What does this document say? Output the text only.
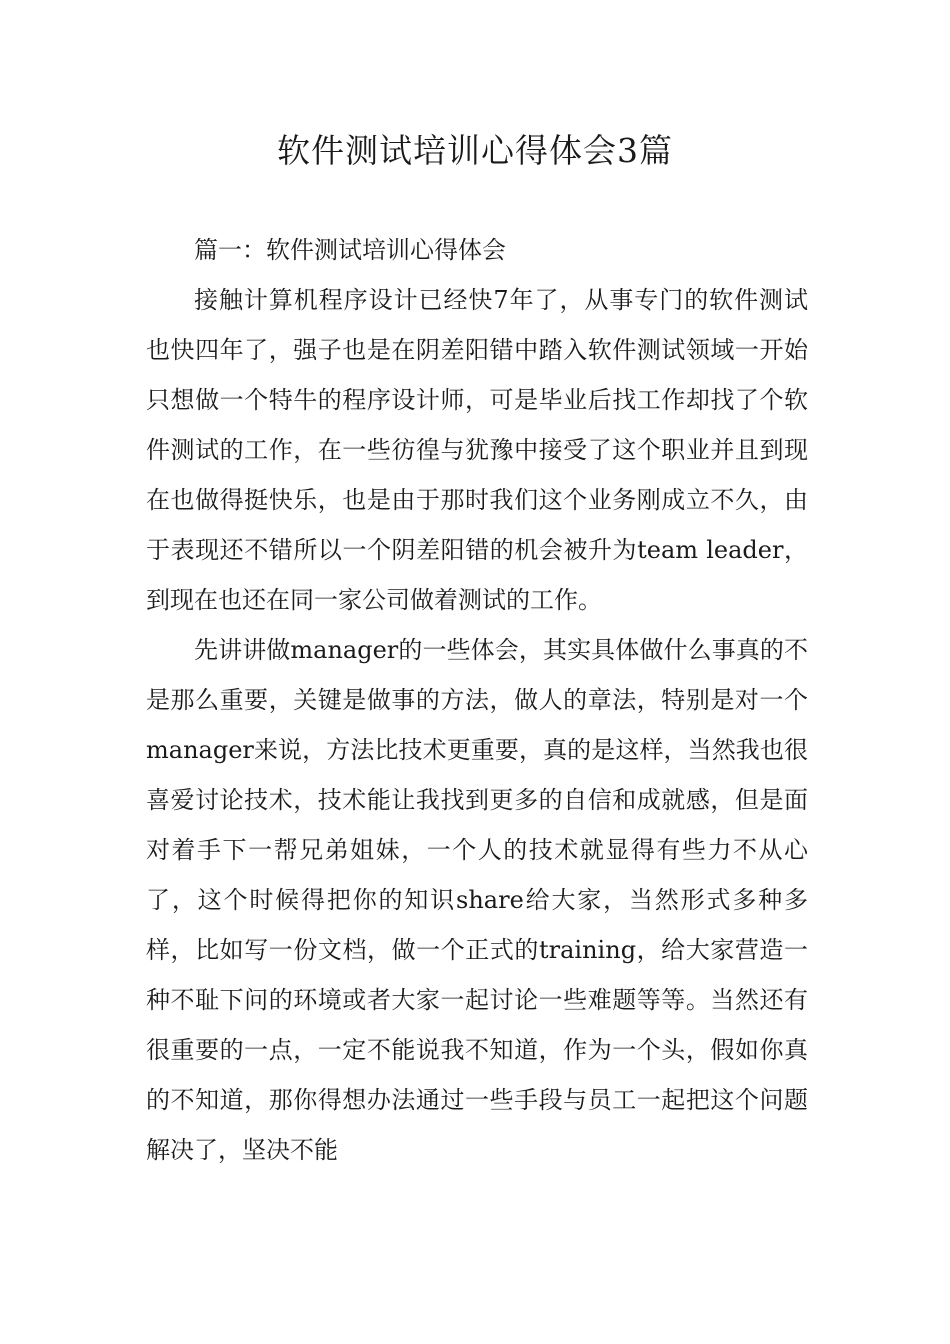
软件测试培训心得体会3篇

篇一：软件测试培训心得体会

接触计算机程序设计已经快7年了，从事专门的软件测试也快四年了，强子也是在阴差阳错中踏入软件测试领域一开始只想做一个特牛的程序设计师，可是毕业后找工作却找了个软件测试的工作，在一些彷徨与犹豫中接受了这个职业并且到现在也做得挺快乐，也是由于那时我们这个业务刚成立不久，由于表现还不错所以一个阴差阳错的机会被升为team leader，到现在也还在同一家公司做着测试的工作。

先讲讲做manager的一些体会，其实具体做什么事真的不是那么重要，关键是做事的方法，做人的章法，特别是对一个manager来说，方法比技术更重要，真的是这样，当然我也很喜爱讨论技术，技术能让我找到更多的自信和成就感，但是面对着手下一帮兄弟姐妹，一个人的技术就显得有些力不从心了，这个时候得把你的知识share给大家，当然形式多种多样，比如写一份文档，做一个正式的training，给大家营造一种不耻下问的环境或者大家一起讨论一些难题等等。当然还有很重要的一点，一定不能说我不知道，作为一个头，假如你真的不知道，那你得想办法通过一些手段与员工一起把这个问题解决了，坚决不能
